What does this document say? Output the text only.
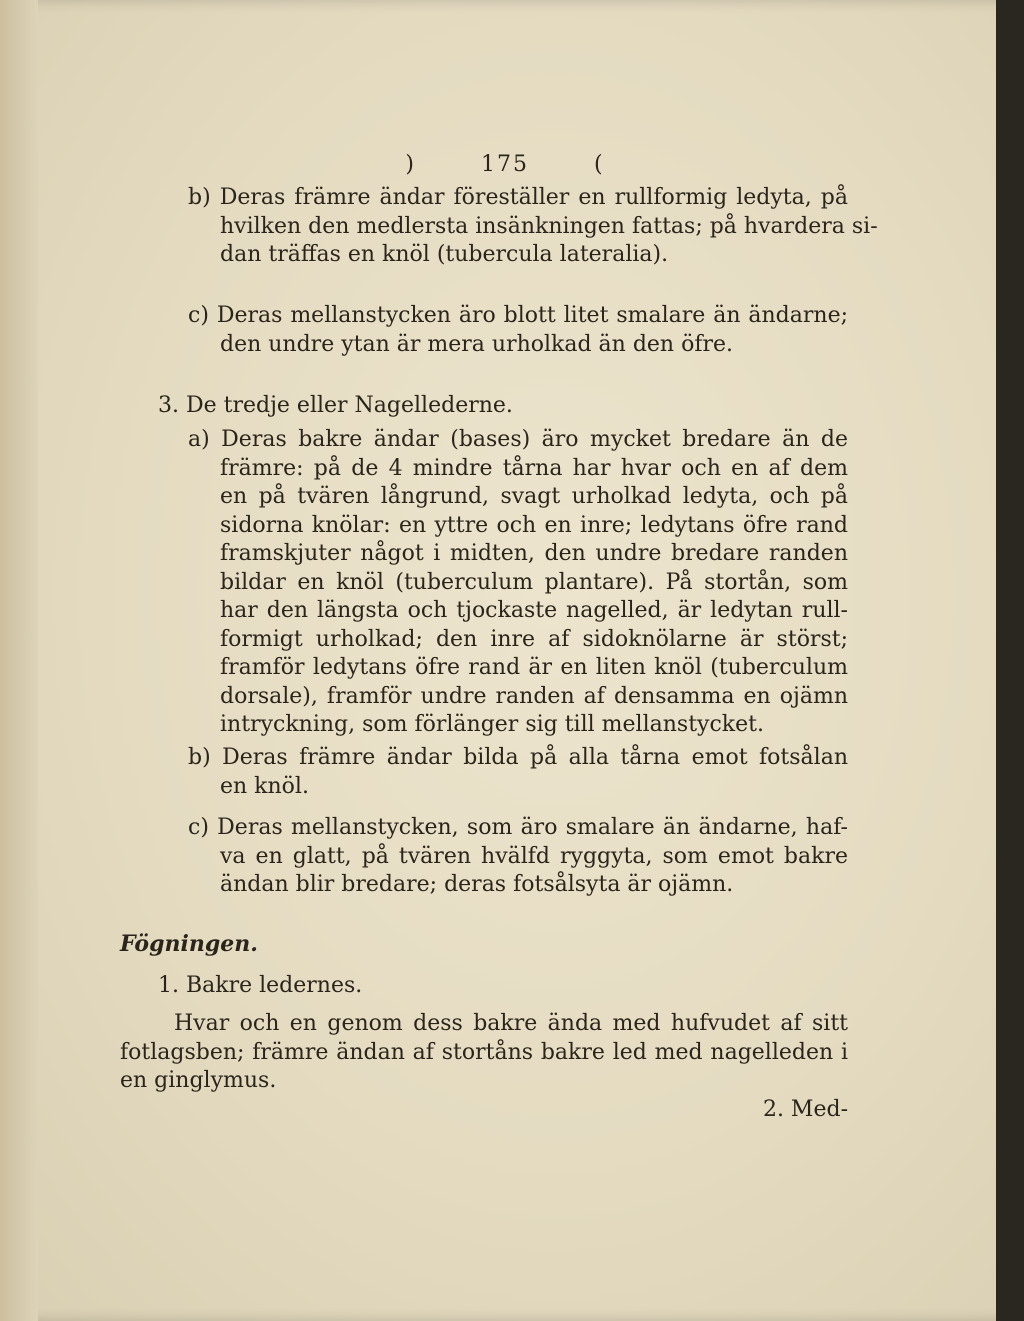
)	175	(
b) Deras främre ändar föreställer en rullformig ledyta, på
hvilken den medlersta insänkningen fattas; på hvardera si-
dan träffas en knöl (tubercula lateralia).
c) Deras mellanstycken äro blott litet smalare än ändarne;
den undre ytan är mera urholkad än den öfre.
3. De tredje eller Nagellederne.
a) Deras bakre ändar (bases) äro mycket bredare än de
främre: på de 4 mindre tårna har hvar och en af dem
en på tvären långrund, svagt urholkad ledyta, och på
sidorna knölar: en yttre och en inre; ledytans öfre rand
framskjuter något i midten, den undre bredare randen
bildar en knöl (tuberculum plantare). På stortån, som
har den längsta och tjockaste nagelled, är ledytan rull-
formigt urholkad; den inre af sidoknölarne är störst;
framför ledytans öfre rand är en liten knöl (tuberculum
dorsale), framför undre randen af densamma en ojämn
intryckning, som förlänger sig till mellanstycket.
b) Deras främre ändar bilda på alla tårna emot fotsålan
en knöl.
c) Deras mellanstycken, som äro smalare än ändarne, haf-
va en glatt, på tvären hvälfd ryggyta, som emot bakre
ändan blir bredare; deras fotsålsyta är ojämn.
Fögningen.
1. Bakre ledernes.
Hvar och en genom dess bakre ända med hufvudet af sitt
fotlagsben; främre ändan af stortåns bakre led med nagelleden i
en ginglymus.
2. Med-
